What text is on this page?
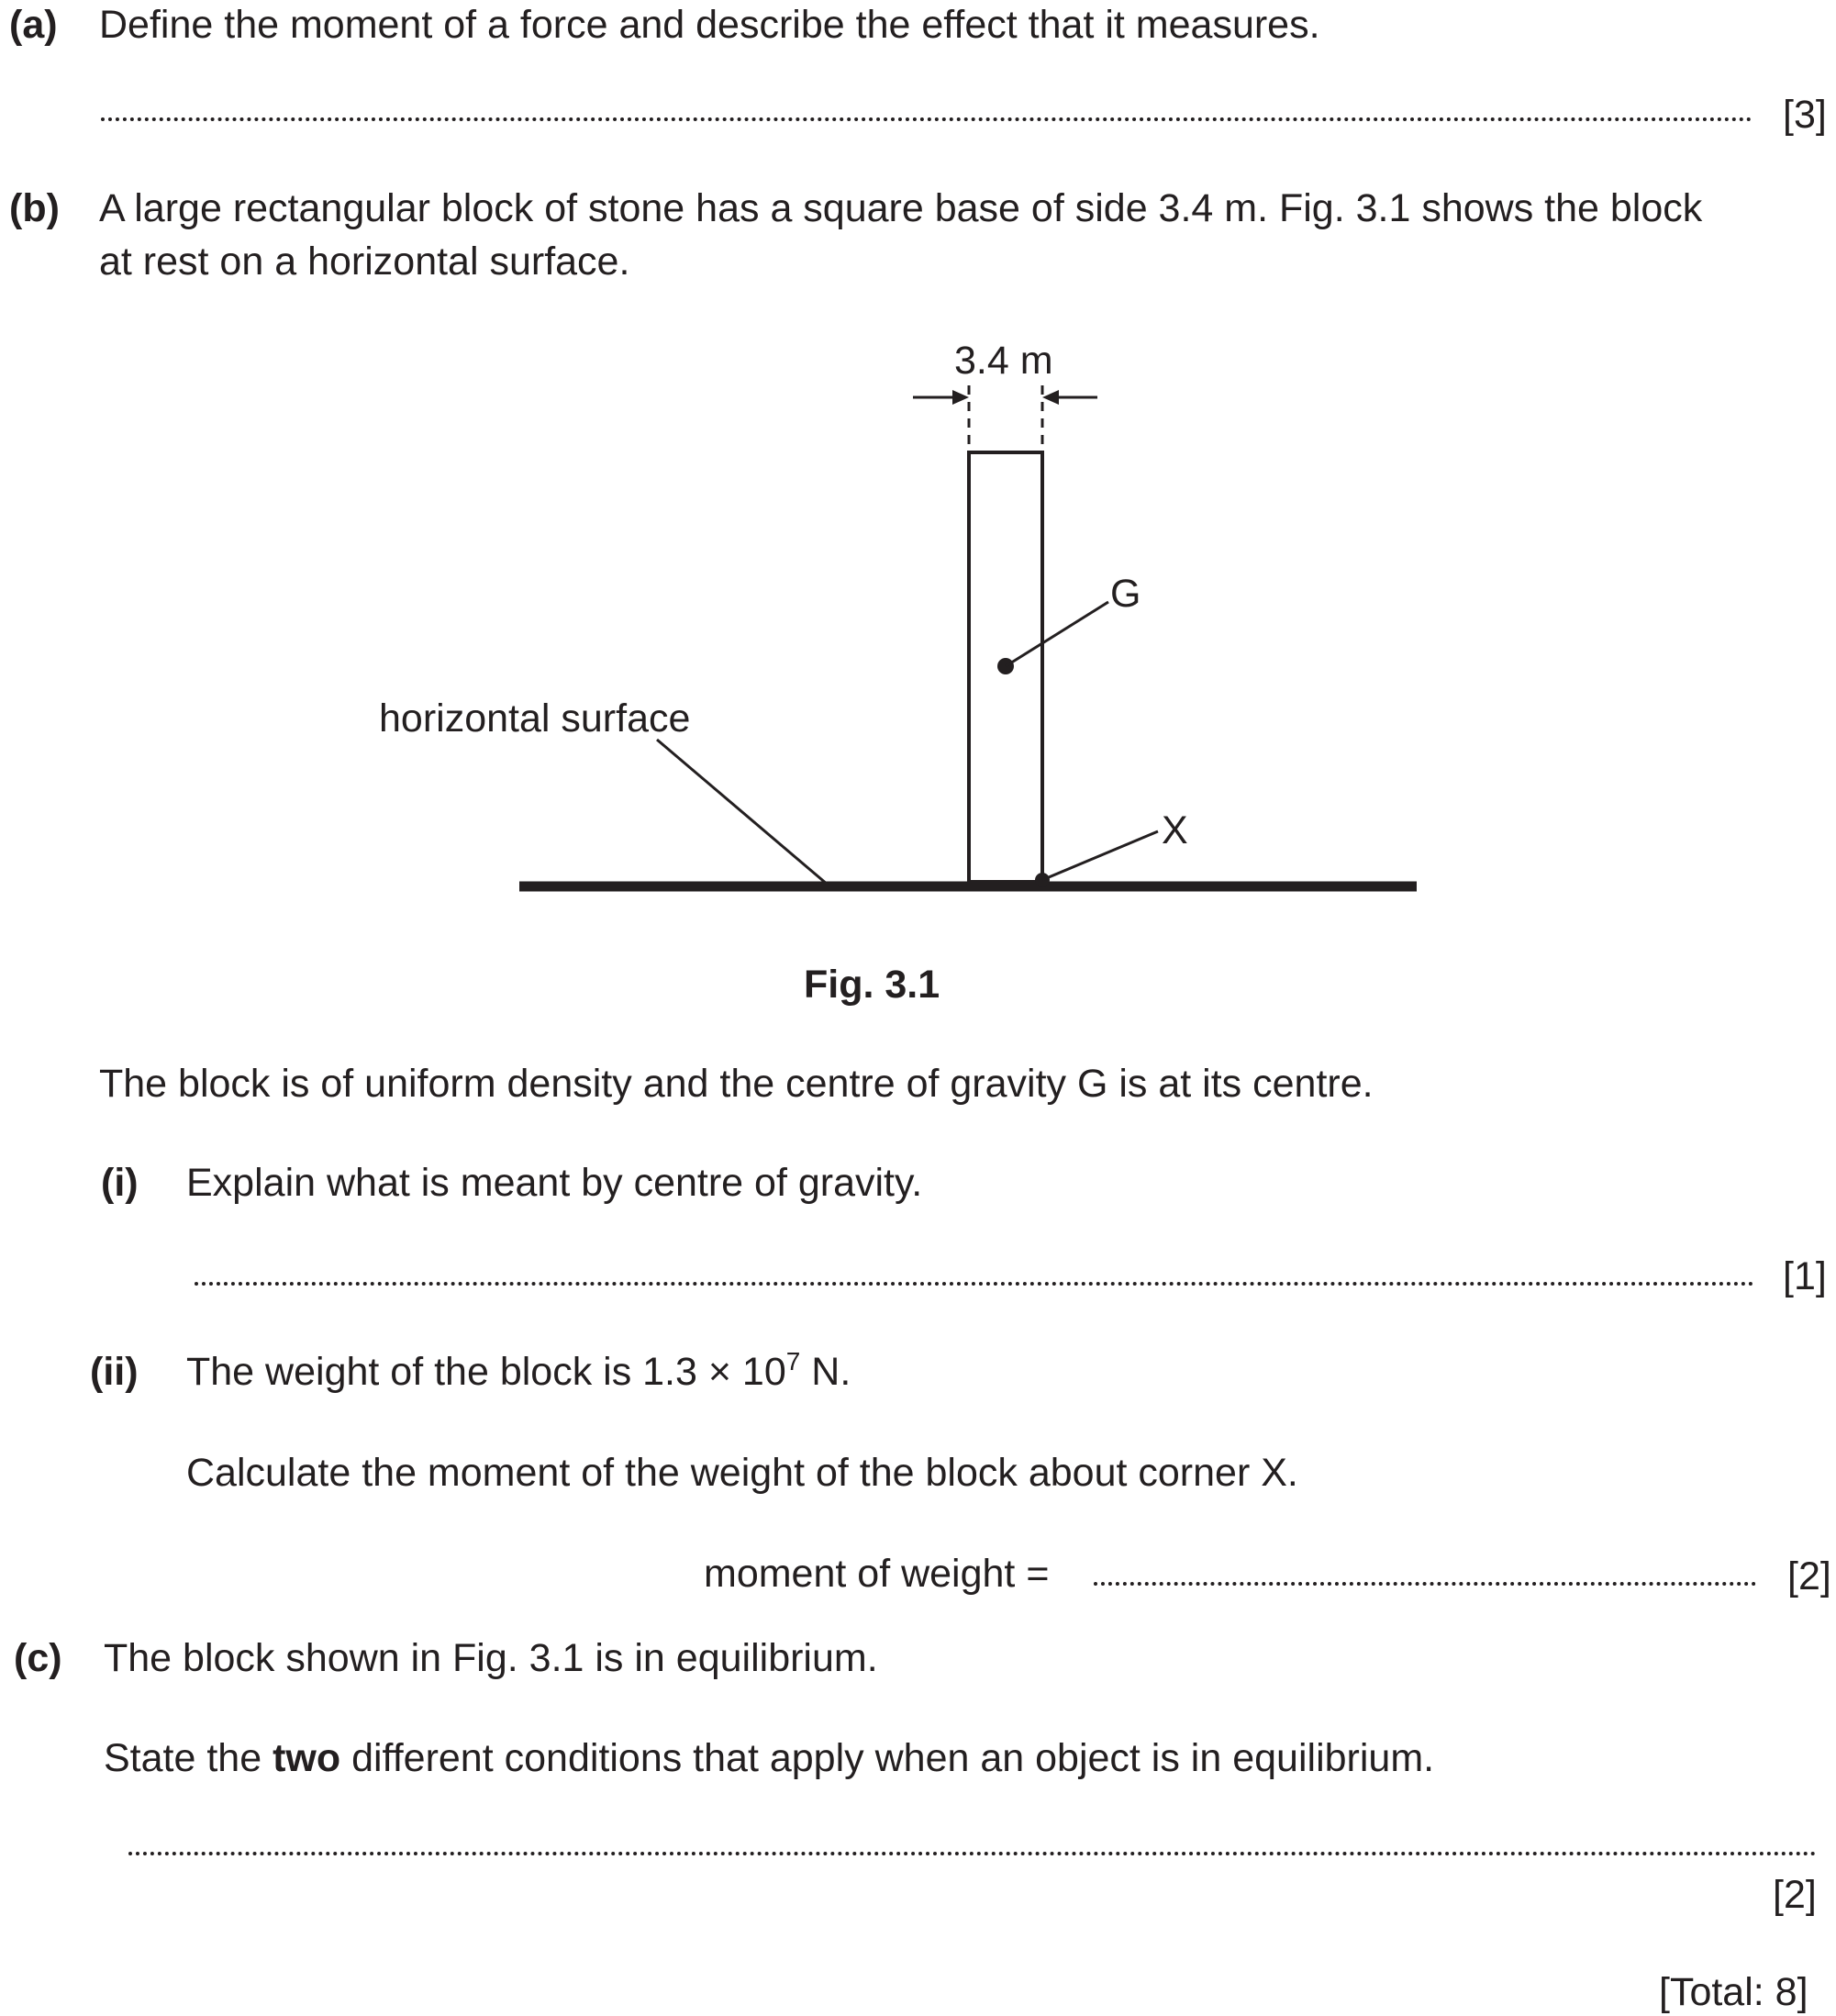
(a) Define the moment of a force and describe the effect that it measures.
[3]
(b) A large rectangular block of stone has a square base of side 3.4 m. Fig. 3.1 shows the block
at rest on a horizontal surface.
3.4 m
G
X
horizontal surface
Fig. 3.1
The block is of uniform density and the centre of gravity G is at its centre.
(i) Explain what is meant by centre of gravity.
[1]
(ii) The weight of the block is $1.3 \times 10^7$ N.
Calculate the moment of the weight of the block about corner X.
moment of weight =	[2]
(c) The block shown in Fig. 3.1 is in equilibrium.
State the two different conditions that apply when an object is in equilibrium.
[2]
[Total: 8]
